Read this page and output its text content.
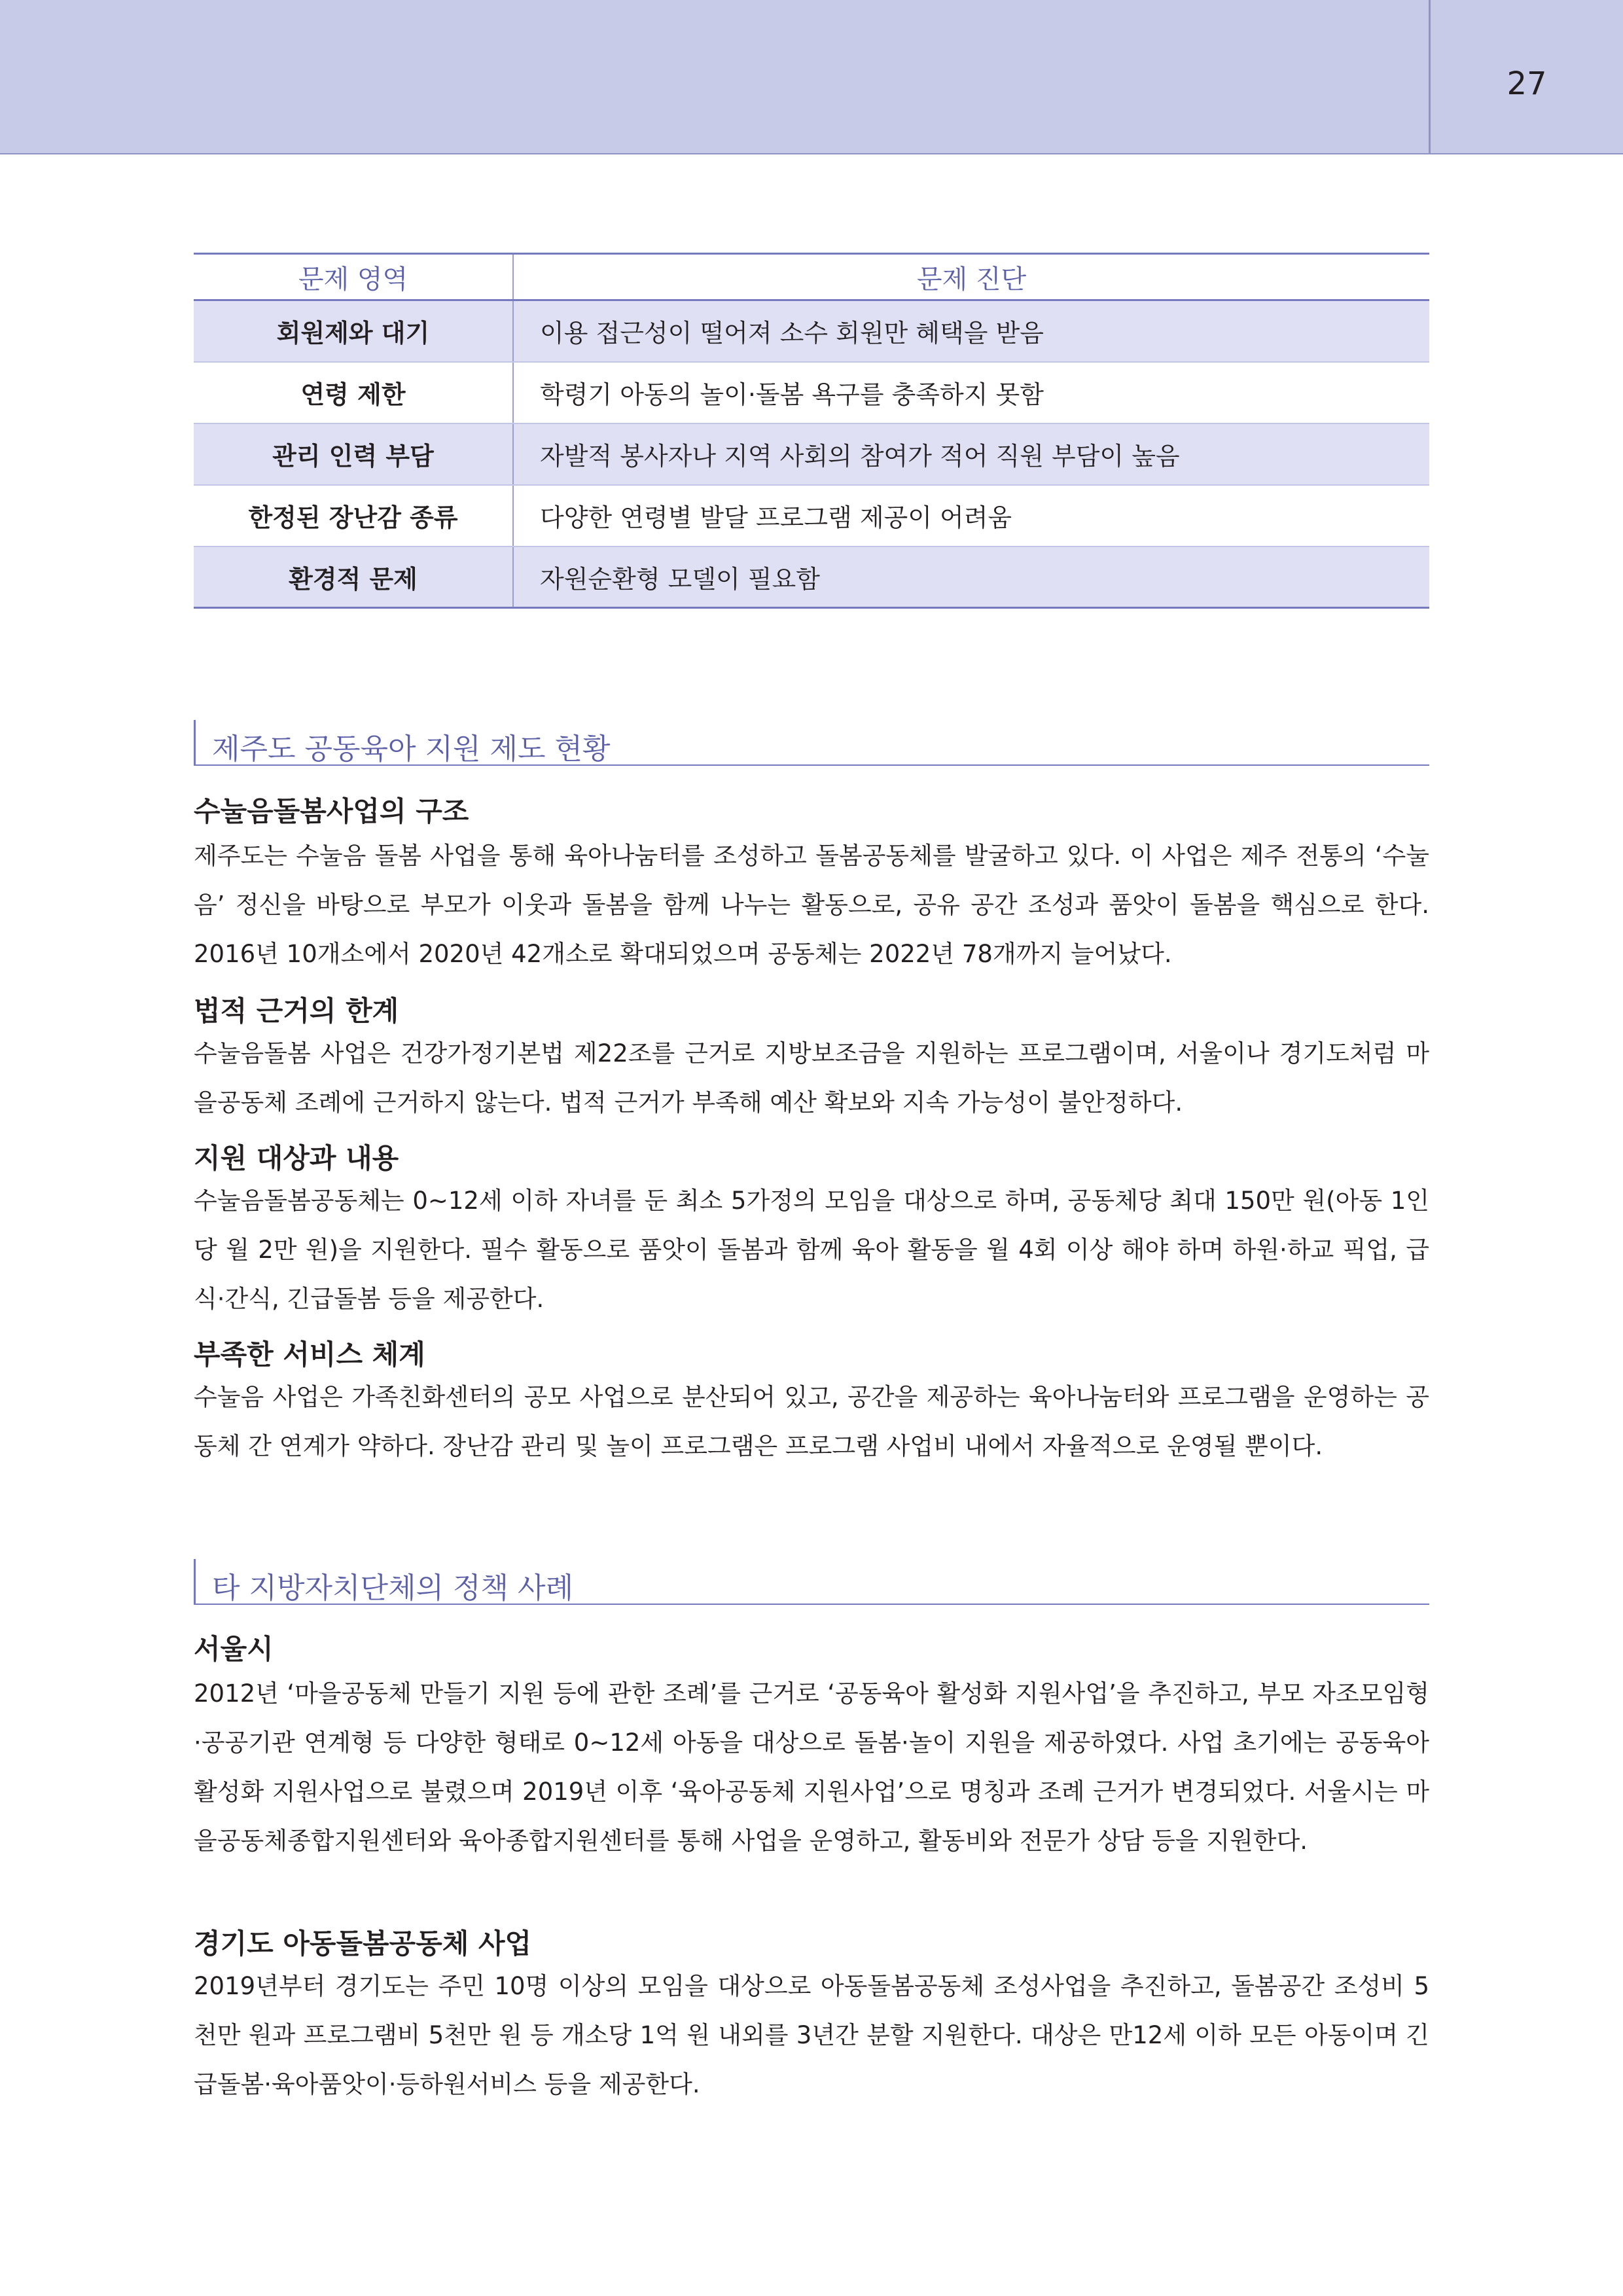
27
문제 영역	문제 진단
회원제와 대기	이용 접근성이 떨어져 소수 회원만 혜택을 받음
연령 제한	학령기 아동의 놀이·돌봄 욕구를 충족하지 못함
관리 인력 부담	자발적 봉사자나 지역 사회의 참여가 적어 직원 부담이 높음
한정된 장난감 종류	다양한 연령별 발달 프로그램 제공이 어려움
환경적 문제	자원순환형 모델이 필요함
제주도 공동육아 지원 제도 현황
수눌음돌봄사업의 구조

제주도는 수눌음 돌봄 사업을 통해 육아나눔터를 조성하고 돌봄공동체를 발굴하고 있다. 이 사업은 제주 전통의 ‘수눌음’ 정신을 바탕으로 부모가 이웃과 돌봄을 함께 나누는 활동으로, 공유 공간 조성과 품앗이 돌봄을 핵심으로 한다. 2016년 10개소에서 2020년 42개소로 확대되었으며 공동체는 2022년 78개까지 늘어났다.

법적 근거의 한계

수눌음돌봄 사업은 건강가정기본법 제22조를 근거로 지방보조금을 지원하는 프로그램이며, 서울이나 경기도처럼 마을공동체 조례에 근거하지 않는다. 법적 근거가 부족해 예산 확보와 지속 가능성이 불안정하다.

지원 대상과 내용

수눌음돌봄공동체는 0~12세 이하 자녀를 둔 최소 5가정의 모임을 대상으로 하며, 공동체당 최대 150만 원(아동 1인당 월 2만 원)을 지원한다. 필수 활동으로 품앗이 돌봄과 함께 육아 활동을 월 4회 이상 해야 하며 하원·하교 픽업, 급식·간식, 긴급돌봄 등을 제공한다.

부족한 서비스 체계

수눌음 사업은 가족친화센터의 공모 사업으로 분산되어 있고, 공간을 제공하는 육아나눔터와 프로그램을 운영하는 공동체 간 연계가 약하다. 장난감 관리 및 놀이 프로그램은 프로그램 사업비 내에서 자율적으로 운영될 뿐이다.

타 지방자치단체의 정책 사례
서울시

2012년 ‘마을공동체 만들기 지원 등에 관한 조례’를 근거로 ‘공동육아 활성화 지원사업’을 추진하고, 부모 자조모임형·공공기관 연계형 등 다양한 형태로 0~12세 아동을 대상으로 돌봄·놀이 지원을 제공하였다. 사업 초기에는 공동육아 활성화 지원사업으로 불렸으며 2019년 이후 ‘육아공동체 지원사업’으로 명칭과 조례 근거가 변경되었다. 서울시는 마을공동체종합지원센터와 육아종합지원센터를 통해 사업을 운영하고, 활동비와 전문가 상담 등을 지원한다.

경기도 아동돌봄공동체 사업

2019년부터 경기도는 주민 10명 이상의 모임을 대상으로 아동돌봄공동체 조성사업을 추진하고, 돌봄공간 조성비 5천만 원과 프로그램비 5천만 원 등 개소당 1억 원 내외를 3년간 분할 지원한다. 대상은 만12세 이하 모든 아동이며 긴급돌봄·육아품앗이·등하원서비스 등을 제공한다.
